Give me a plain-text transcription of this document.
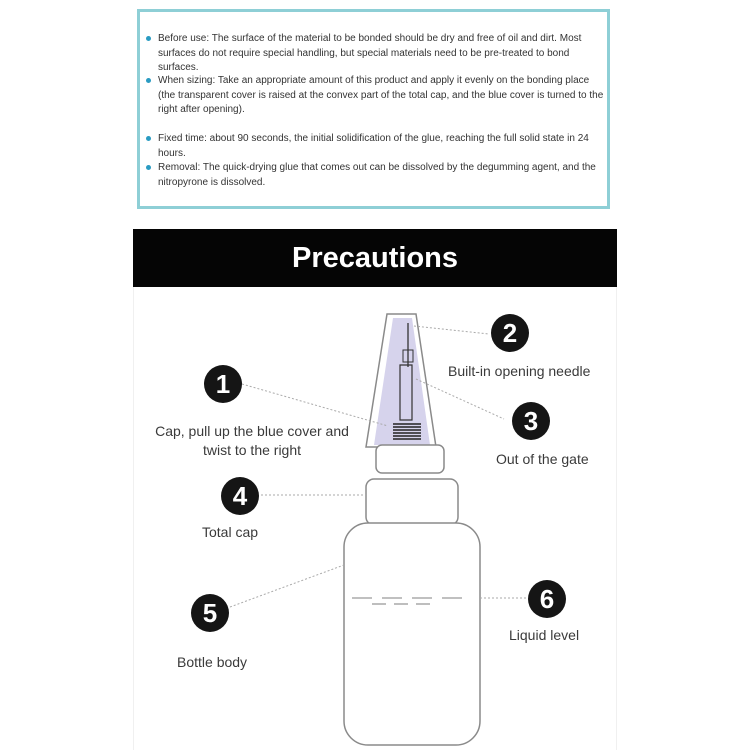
Before use: The surface of the material to be bonded should be dry and free of oil and dirt. Most surfaces do not require special handling, but special materials need to be pre-treated to bond surfaces.
When sizing: Take an appropriate amount of this product and apply it evenly on the bonding place (the transparent cover is raised at the convex part of the total cap, and the blue cover is turned to the right after opening).
Fixed time: about 90 seconds, the initial solidification of the glue, reaching the full solid state in 24 hours.
Removal: The quick-drying glue that comes out can be dissolved by the degumming agent, and the nitropyrone is dissolved.
Precautions
1
2
3
4
5	6
Cap, pull up the blue cover and
twist to the right
Built-in opening needle
Out of the gate
Total cap
Bottle body
Liquid level
